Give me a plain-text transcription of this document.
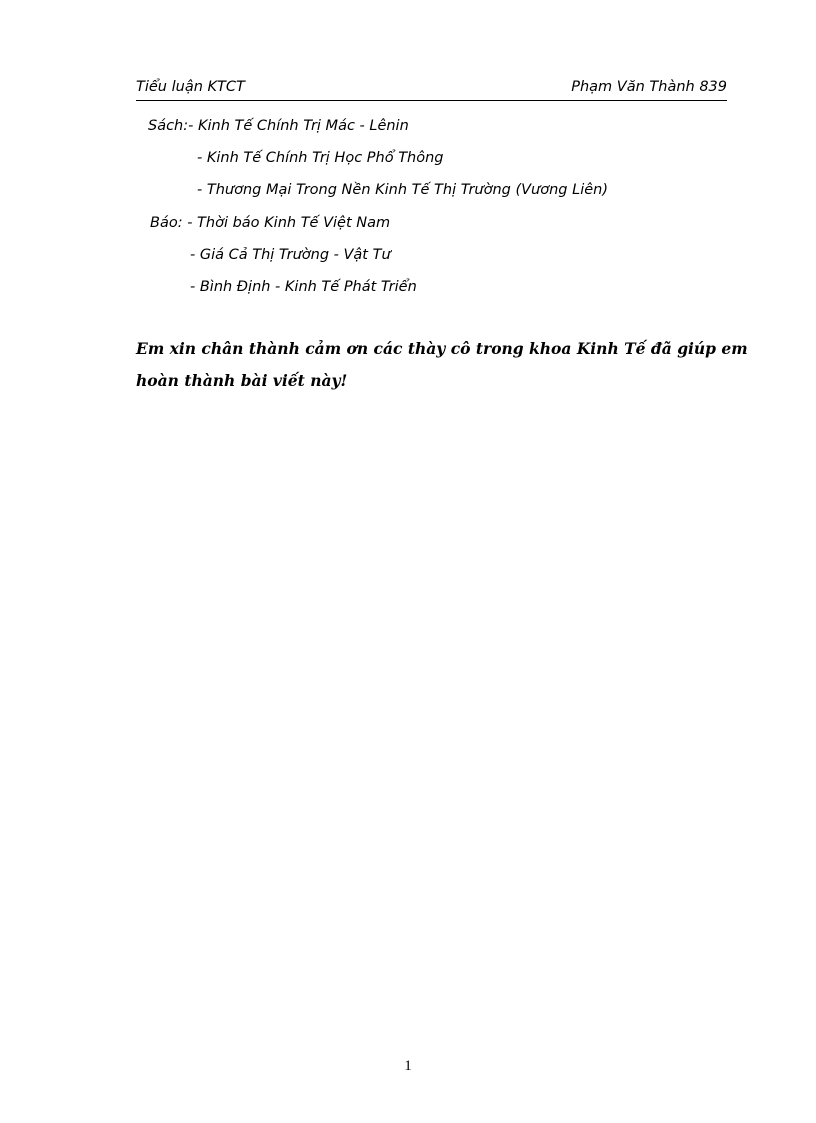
Tiểu luận KTCT	Phạm Văn Thành 839
Sách:- Kinh Tế Chính Trị Mác - Lênin
- Kinh Tế Chính Trị Học Phổ Thông
- Thương Mại Trong Nền Kinh Tế Thị Trường (Vương Liên)
Báo: - Thời báo Kinh Tế Việt Nam
- Giá Cả Thị Trường - Vật Tư
- Bình Định - Kinh Tế Phát Triển
Em xin chân thành cảm ơn các thày cô trong khoa Kinh Tế đã giúp em
hoàn thành bài viết này!
1
